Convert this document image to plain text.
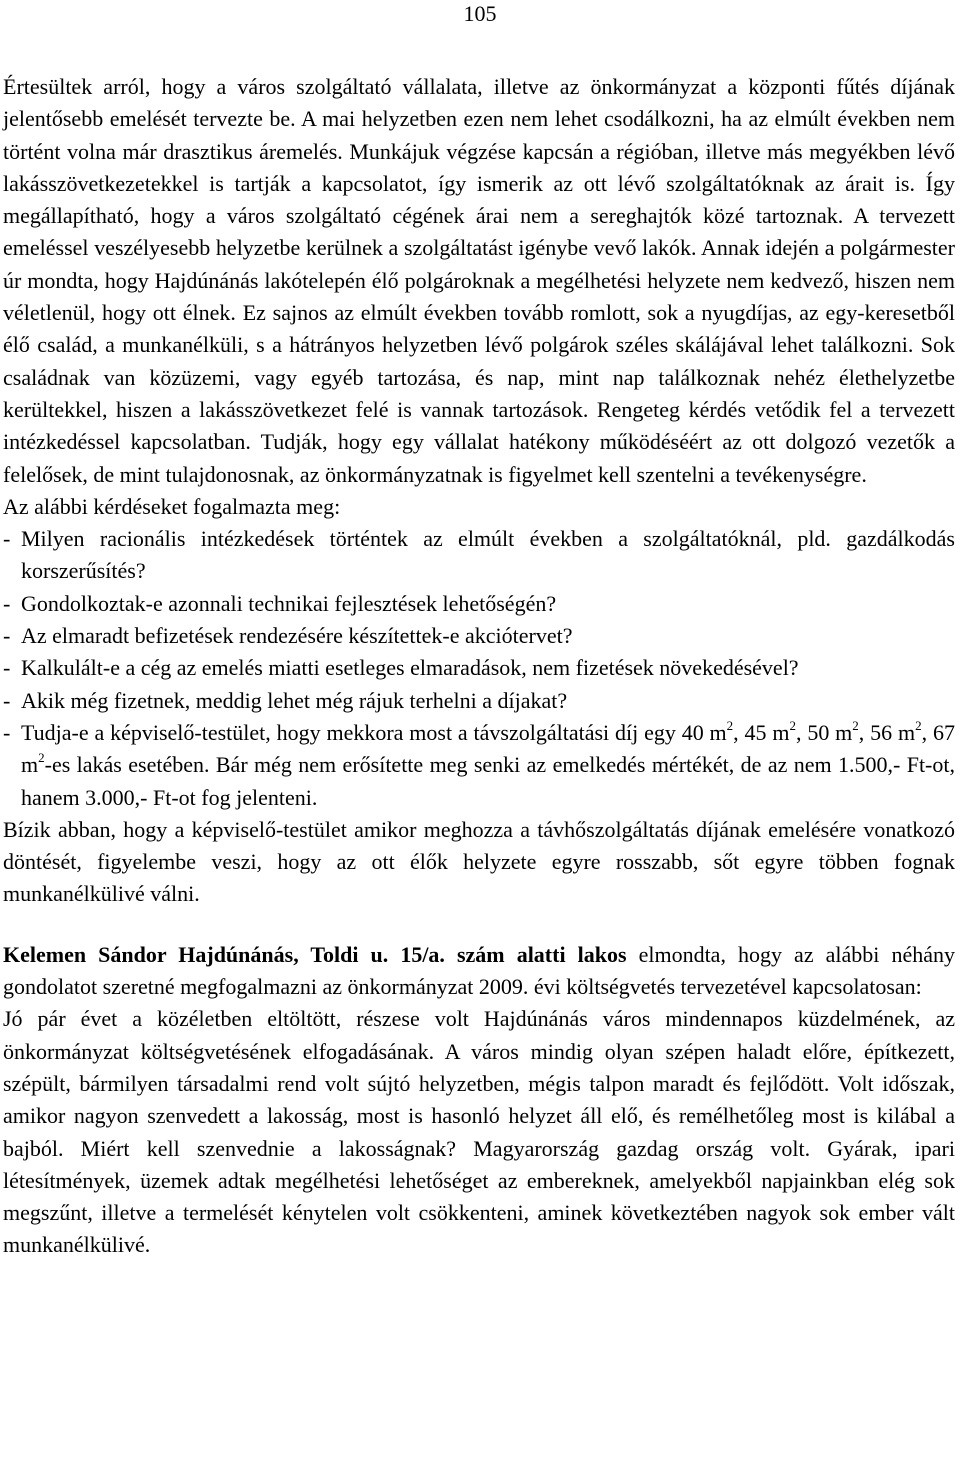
105

Értesültek arról, hogy a város szolgáltató vállalata, illetve az önkormányzat a központi fűtés díjának jelentősebb emelését tervezte be. A mai helyzetben ezen nem lehet csodálkozni, ha az elmúlt években nem történt volna már drasztikus áremelés. Munkájuk végzése kapcsán a régióban, illetve más megyékben lévő lakásszövetkezetekkel is tartják a kapcsolatot, így ismerik az ott lévő szolgáltatóknak az árait is. Így megállapítható, hogy a város szolgáltató cégének árai nem a sereghajtók közé tartoznak. A tervezett emeléssel veszélyesebb helyzetbe kerülnek a szolgáltatást igénybe vevő lakók. Annak idején a polgármester úr mondta, hogy Hajdúnánás lakótelepén élő polgároknak a megélhetési helyzete nem kedvező, hiszen nem véletlenül, hogy ott élnek. Ez sajnos az elmúlt években tovább romlott, sok a nyugdíjas, az egy-keresetből élő család, a munkanélküli, s a hátrányos helyzetben lévő polgárok széles skálájával lehet találkozni. Sok családnak van közüzemi, vagy egyéb tartozása, és nap, mint nap találkoznak nehéz élethelyzetbe kerültekkel, hiszen a lakásszövetkezet felé is vannak tartozások. Rengeteg kérdés vetődik fel a tervezett intézkedéssel kapcsolatban. Tudják, hogy egy vállalat hatékony működéséért az ott dolgozó vezetők a felelősek, de mint tulajdonosnak, az önkormányzatnak is figyelmet kell szentelni a tevékenységre.

Az alábbi kérdéseket fogalmazta meg:

- Milyen racionális intézkedések történtek az elmúlt években a szolgáltatóknál, pld. gazdálkodás korszerűsítés?
- Gondolkoztak-e azonnali technikai fejlesztések lehetőségén?
- Az elmaradt befizetések rendezésére készítettek-e akciótervet?
- Kalkulált-e a cég az emelés miatti esetleges elmaradások, nem fizetések növekedésével?
- Akik még fizetnek, meddig lehet még rájuk terhelni a díjakat?
- Tudja-e a képviselő-testület, hogy mekkora most a távszolgáltatási díj egy 40 $m^2$, 45 $m^2$, 50 $m^2$, 56 $m^2$, 67 $m^2-es$ lakás esetében. Bár még nem erősítette meg senki az emelkedés mértékét, de az nem 1.500,- Ft-ot, hanem 3.000,- Ft-ot fog jelenteni.

Bízik abban, hogy a képviselő-testület amikor meghozza a távhőszolgáltatás díjának emelésére vonatkozó döntését, figyelembe veszi, hogy az ott élők helyzete egyre rosszabb, sőt egyre többen fognak munkanélkülivé válni.

Kelemen Sándor Hajdúnánás, Toldi u. 15/a. szám alatti lakos elmondta, hogy az alábbi néhány gondolatot szeretné megfogalmazni az önkormányzat 2009. évi költségvetés tervezetével kapcsolatosan:

Jó pár évet a közéletben eltöltött, részese volt Hajdúnánás város mindennapos küzdelmének, az önkormányzat költségvetésének elfogadásának. A város mindig olyan szépen haladt előre, építkezett, szépült, bármilyen társadalmi rend volt sújtó helyzetben, mégis talpon maradt és fejlődött. Volt időszak, amikor nagyon szenvedett a lakosság, most is hasonló helyzet áll elő, és remélhetőleg most is kilábal a bajból. Miért kell szenvednie a lakosságnak? Magyarország gazdag ország volt. Gyárak, ipari létesítmények, üzemek adtak megélhetési lehetőséget az embereknek, amelyekből napjainkban elég sok megszűnt, illetve a termelését kénytelen volt csökkenteni, aminek következtében nagyok sok ember vált munkanélkülivé.
